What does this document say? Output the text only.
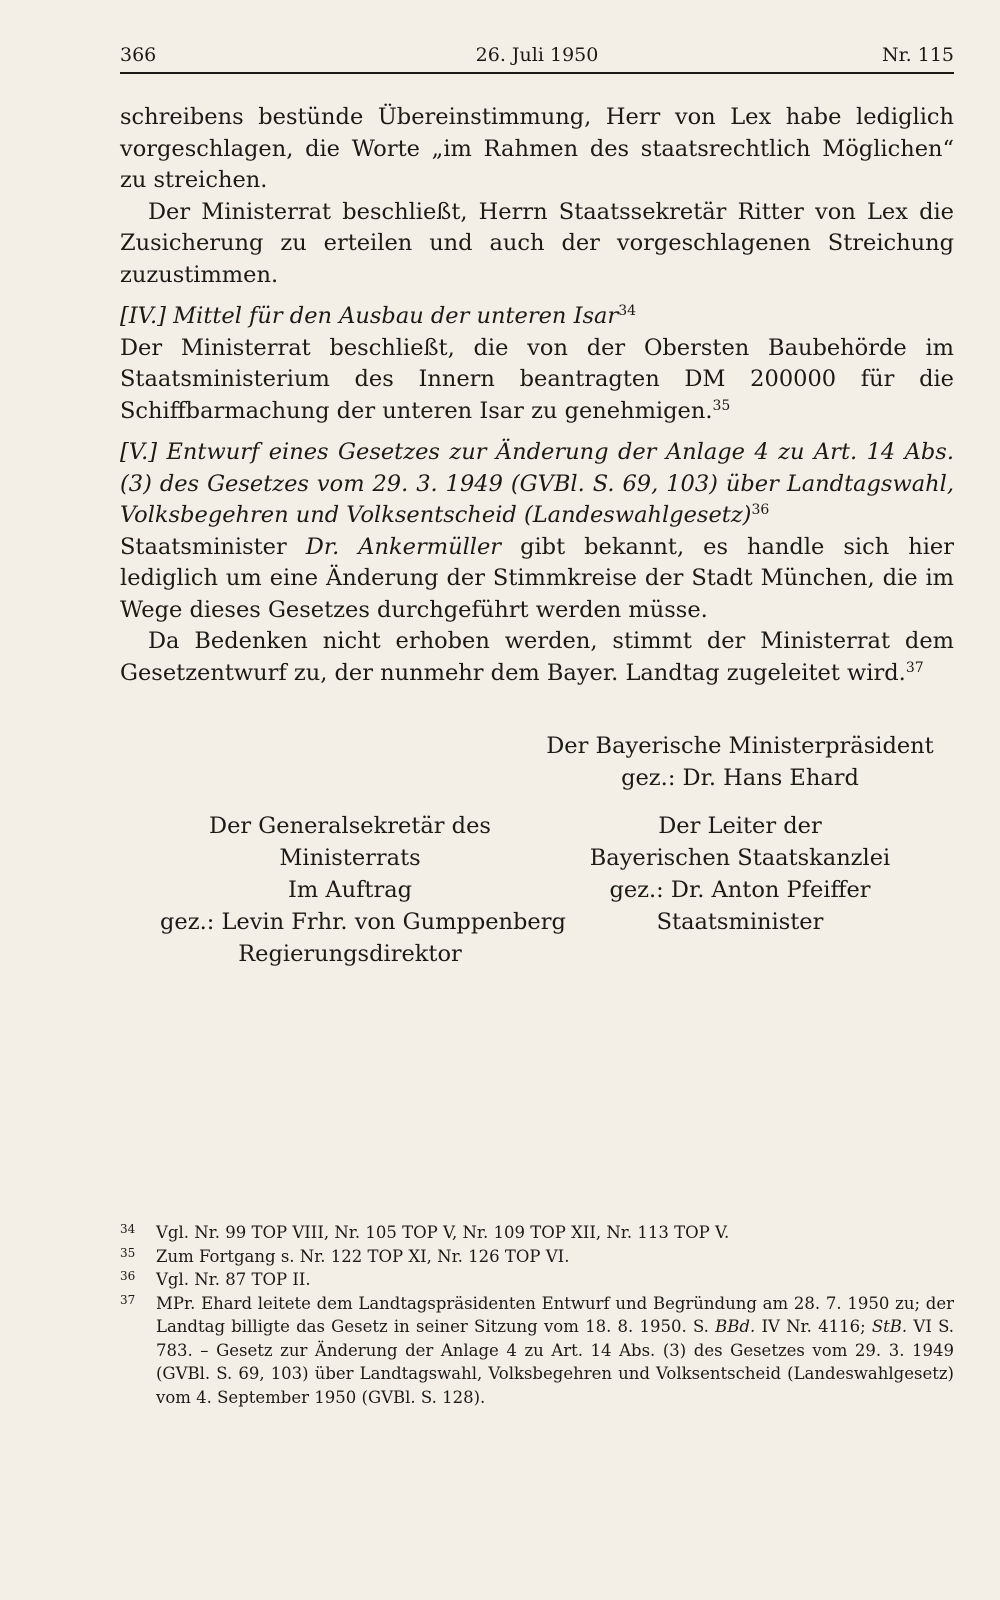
366	26. Juli 1950	Nr. 115

schreibens bestünde Übereinstimmung, Herr von Lex habe lediglich vorgeschlagen, die Worte „im Rahmen des staatsrechtlich Möglichen“ zu streichen.

Der Ministerrat beschließt, Herrn Staatssekretär Ritter von Lex die Zusicherung zu erteilen und auch der vorgeschlagenen Streichung zuzustimmen.

[IV.] Mittel für den Ausbau der unteren Isar$^{34}$

Der Ministerrat beschließt, die von der Obersten Baubehörde im Staatsministerium des Innern beantragten DM 200000 für die Schiffbarmachung der unteren Isar zu genehmigen.$^{35}$

[V.] Entwurf eines Gesetzes zur Änderung der Anlage 4 zu Art. 14 Abs. (3) des Gesetzes vom 29. 3. 1949 (GVBl. S. 69, 103) über Landtagswahl, Volksbegehren und Volksentscheid (Landeswahlgesetz)$^{36}$

Staatsminister Dr. Ankermüller gibt bekannt, es handle sich hier lediglich um eine Änderung der Stimmkreise der Stadt München, die im Wege dieses Gesetzes durchgeführt werden müsse.

Da Bedenken nicht erhoben werden, stimmt der Ministerrat dem Gesetzentwurf zu, der nunmehr dem Bayer. Landtag zugeleitet wird.$^{37}$

Der Bayerische Ministerpräsident
gez.: Dr. Hans Ehard
Der Generalsekretär des
Ministerrats
Im Auftrag
gez.: Levin Frhr. von Gumppenberg
Regierungsdirektor
Der Leiter der
Bayerischen Staatskanzlei
gez.: Dr. Anton Pfeiffer
Staatsminister
34 Vgl. Nr. 99 TOP VIII, Nr. 105 TOP V, Nr. 109 TOP XII, Nr. 113 TOP V.

35 Zum Fortgang s. Nr. 122 TOP XI, Nr. 126 TOP VI.

36 Vgl. Nr. 87 TOP II.

37 MPr. Ehard leitete dem Landtagspräsidenten Entwurf und Begründung am 28. 7. 1950 zu; der Landtag billigte das Gesetz in seiner Sitzung vom 18. 8. 1950. S. BBd. IV Nr. 4116; StB. VI S. 783. – Gesetz zur Änderung der Anlage 4 zu Art. 14 Abs. (3) des Gesetzes vom 29. 3. 1949 (GVBl. S. 69, 103) über Landtagswahl, Volksbegehren und Volksentscheid (Landeswahlgesetz) vom 4. September 1950 (GVBl. S. 128).
